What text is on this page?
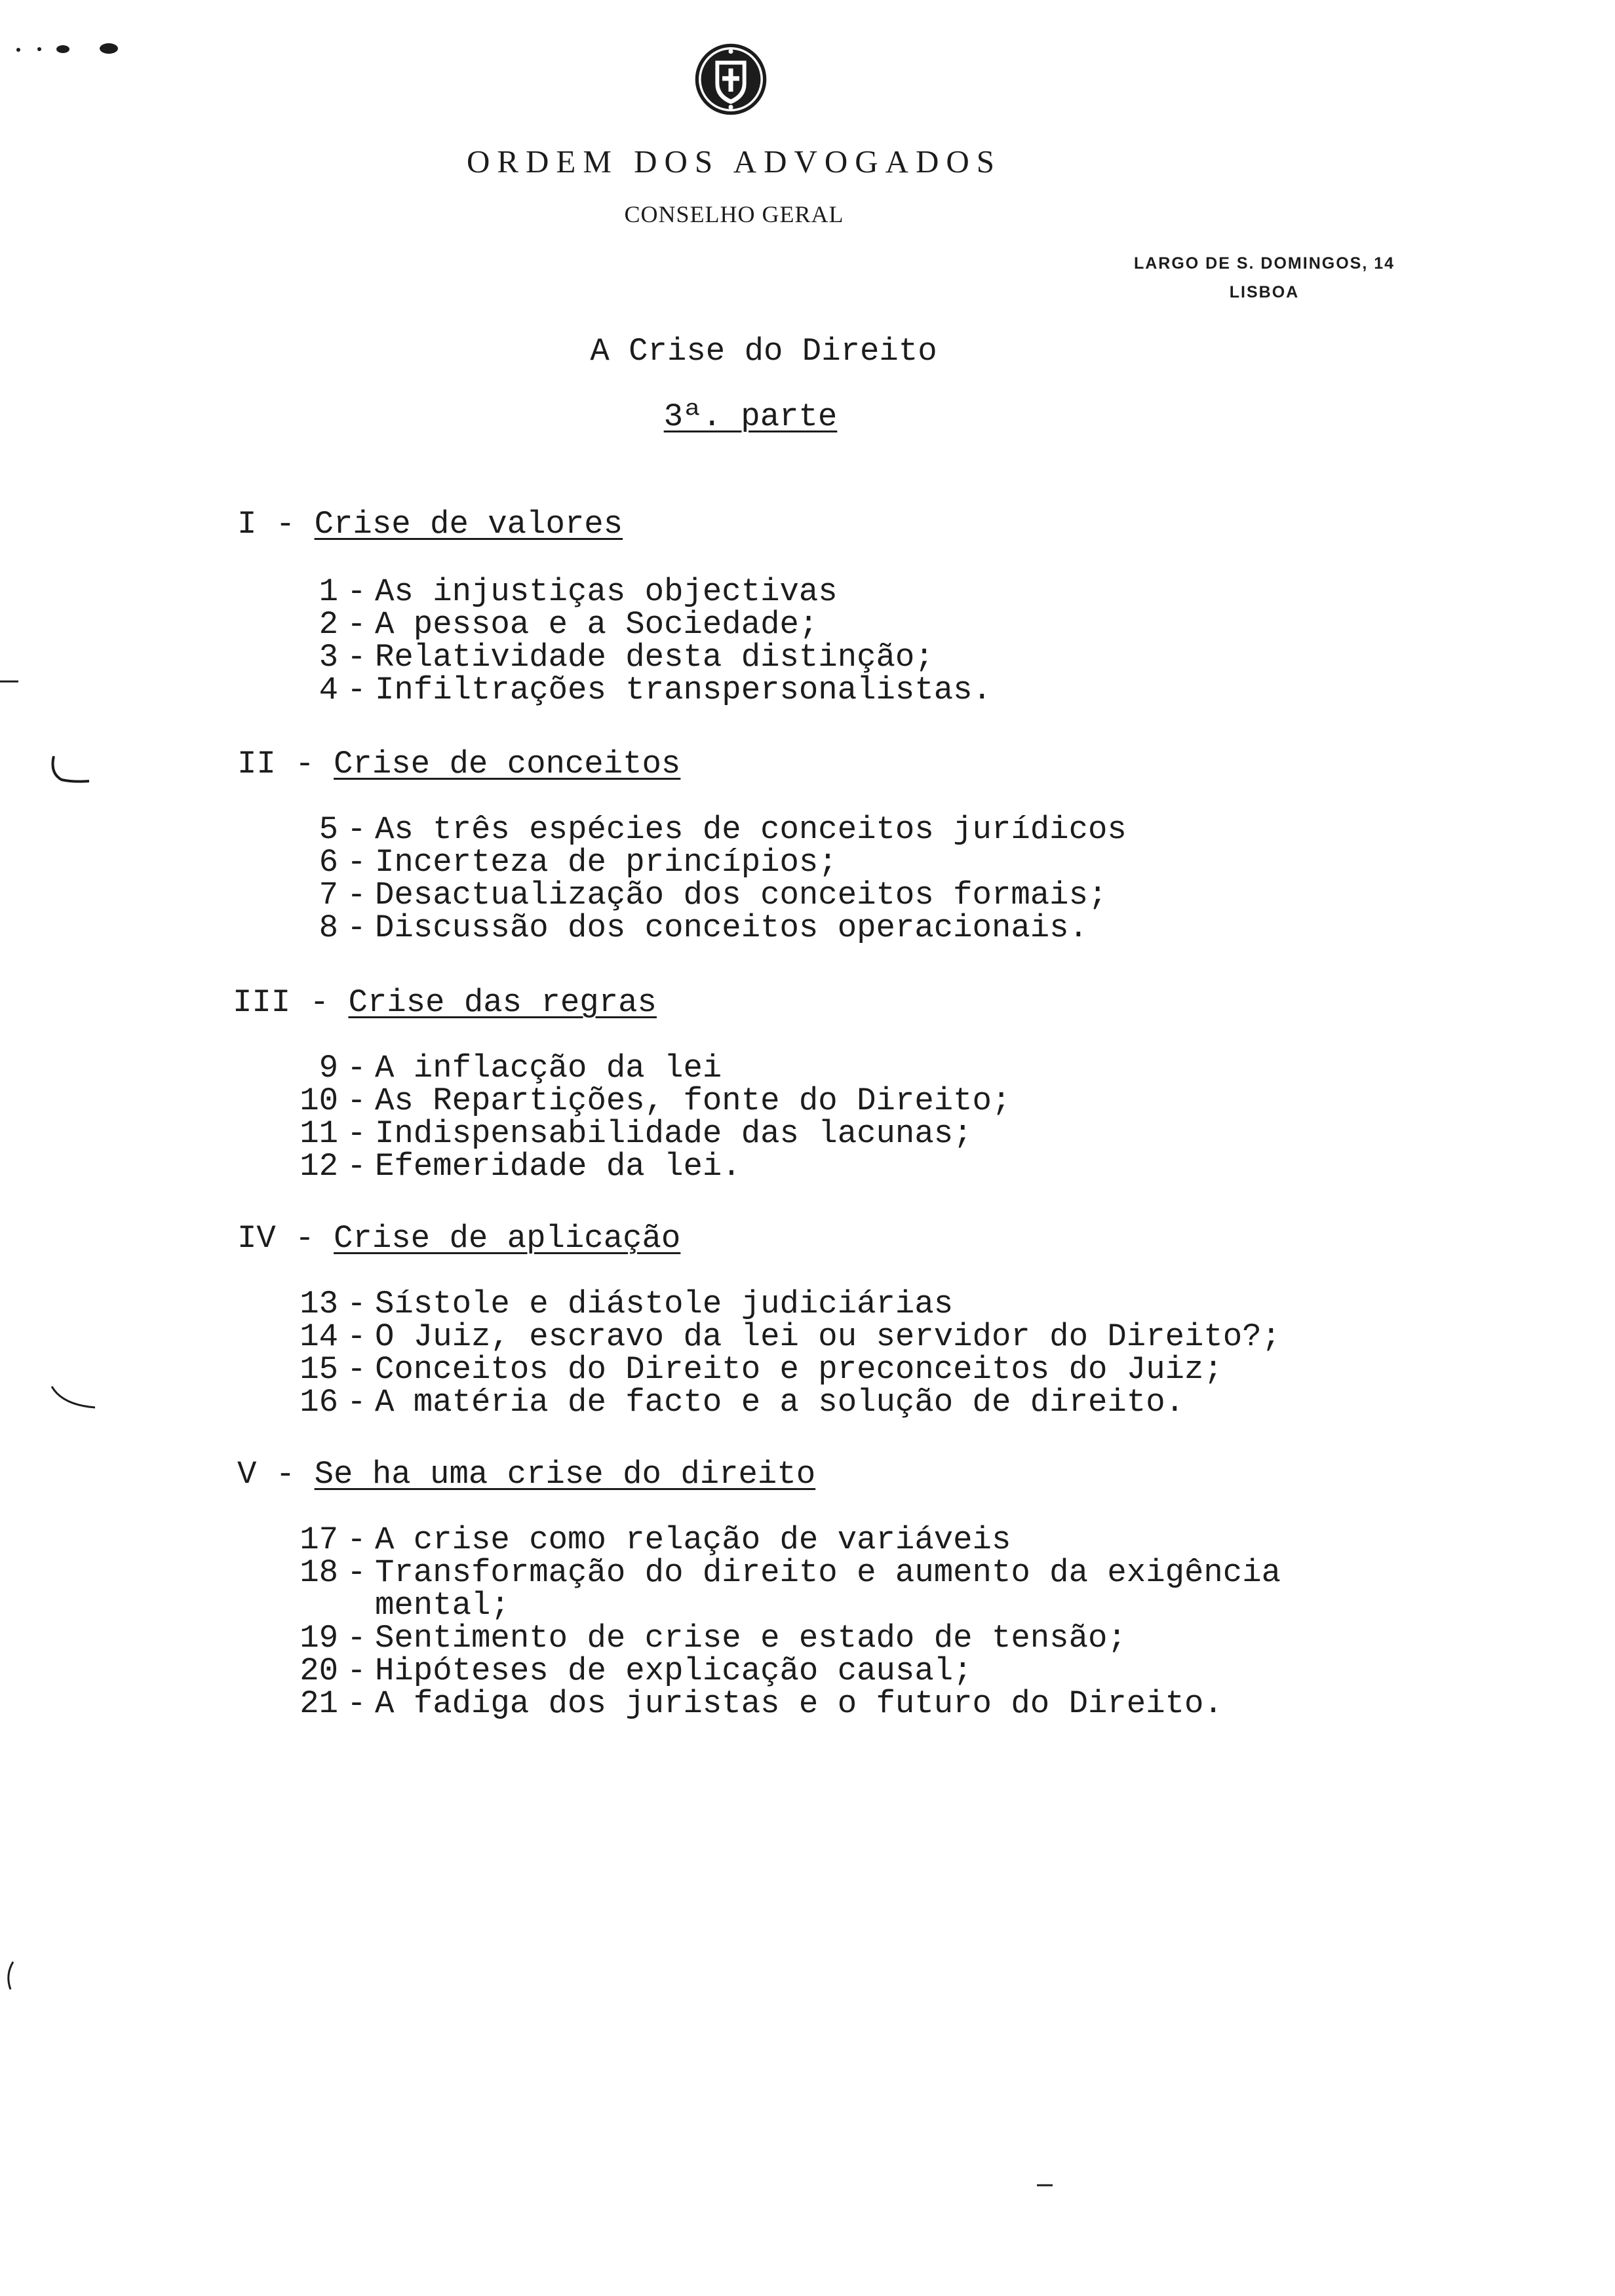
ORDEM DOS ADVOGADOS
CONSELHO GERAL
LARGO DE S. DOMINGOS, 14
LISBOA
A Crise do Direito
3ª. parte
I - Crise de valores
1 - As injustiças objectivas
2 - A pessoa e a Sociedade;
3 - Relatividade desta distinção;
4 - Infiltrações transpersonalistas.
II - Crise de conceitos
5 - As três espécies de conceitos jurídicos
6 - Incerteza de princípios;
7 - Desactualização dos conceitos formais;
8 - Discussão dos conceitos operacionais.
III - Crise das regras
9 - A inflacção da lei
10 - As Repartições, fonte do Direito;
11 - Indispensabilidade das lacunas;
12 - Efemeridade da lei.
IV - Crise de aplicação
13 - Sístole e diástole judiciárias
14 - O Juiz, escravo da lei ou servidor do Direito?;
15 - Conceitos do Direito e preconceitos do Juiz;
16 - A matéria de facto e a solução de direito.
V - Se ha uma crise do direito
17 - A crise como relação de variáveis
18 - Transformação do direito e aumento da exigência
mental;
19 - Sentimento de crise e estado de tensão;
20 - Hipóteses de explicação causal;
21 - A fadiga dos juristas e o futuro do Direito.
